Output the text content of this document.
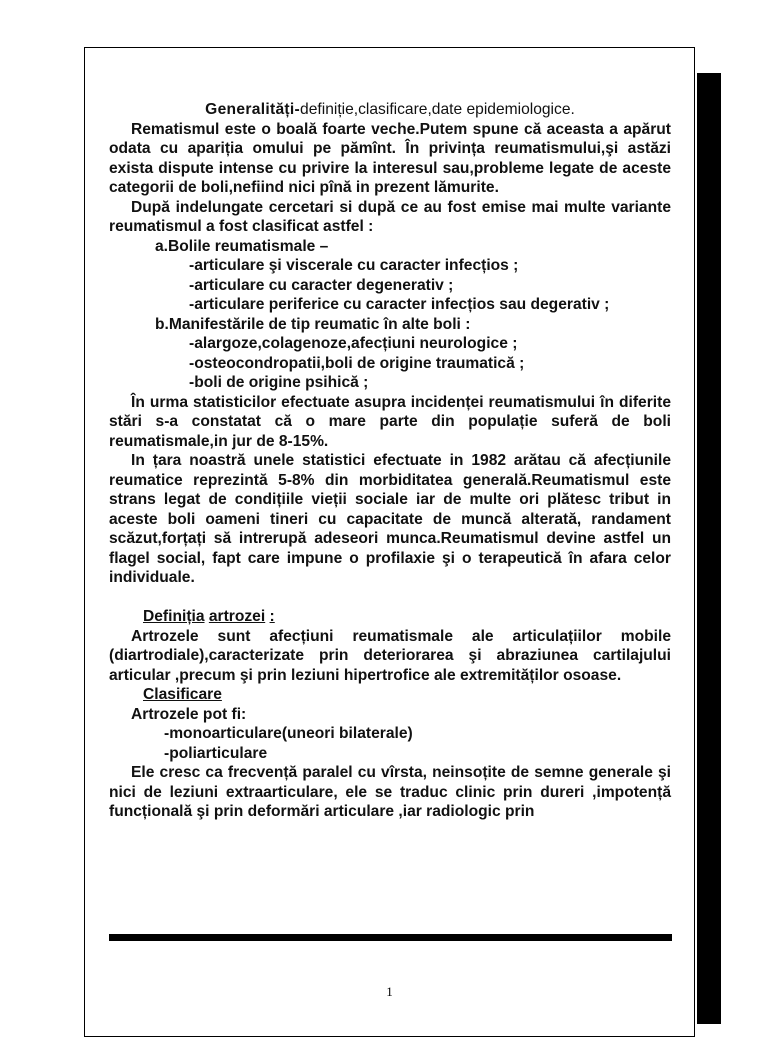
Generalități-definiție,clasificare,date epidemiologice.

Rematismul este o boală foarte veche.Putem spune că aceasta a apărut odata cu apariția omului pe pămînt. În privința reumatismului,şi astăzi exista dispute intense cu privire la interesul sau,probleme legate de aceste categorii de boli,nefiind nici pînă in prezent lămurite.

După indelungate cercetari si după ce au fost emise mai multe variante reumatismul a fost clasificat astfel :

a.Bolile reumatismale –

-articulare şi viscerale cu caracter infecțios ;

-articulare cu caracter degenerativ ;

-articulare periferice cu caracter infecțios sau degerativ ;

b.Manifestările de tip reumatic în alte boli :

-alargoze,colagenoze,afecțiuni neurologice ;

-osteocondropatii,boli de origine traumatică ;

-boli de origine psihică ;

În urma statisticilor efectuate asupra incidenței reumatismului în diferite stări s-a constatat că o mare parte din populație suferă de boli reumatismale,in jur de 8-15%.

In țara noastră unele statistici efectuate in 1982 arătau că afecțiunile reumatice reprezintă 5-8% din morbiditatea generală.Reumatismul este strans legat de condițiile vieții sociale iar de multe ori plătesc tribut in aceste boli oameni tineri cu capacitate de muncă alterată, randament scăzut,forțați să intrerupă adeseori munca.Reumatismul devine astfel un flagel social, fapt care impune o profilaxie şi o terapeutică în afara celor individuale.

Definiția artrozei :

Artrozele sunt afecțiuni reumatismale ale articulațiilor mobile (diartrodiale),caracterizate prin deteriorarea şi abraziunea cartilajului articular ,precum şi prin leziuni hipertrofice ale extremităților osoase.

Clasificare

Artrozele pot fi:

-monoarticulare(uneori bilaterale)

-poliarticulare

Ele cresc ca frecvență paralel cu vîrsta, neinsoțite de semne generale şi nici de leziuni extraarticulare, ele se traduc clinic prin dureri ,impotență funcțională şi prin deformări articulare ,iar radiologic prin

1
